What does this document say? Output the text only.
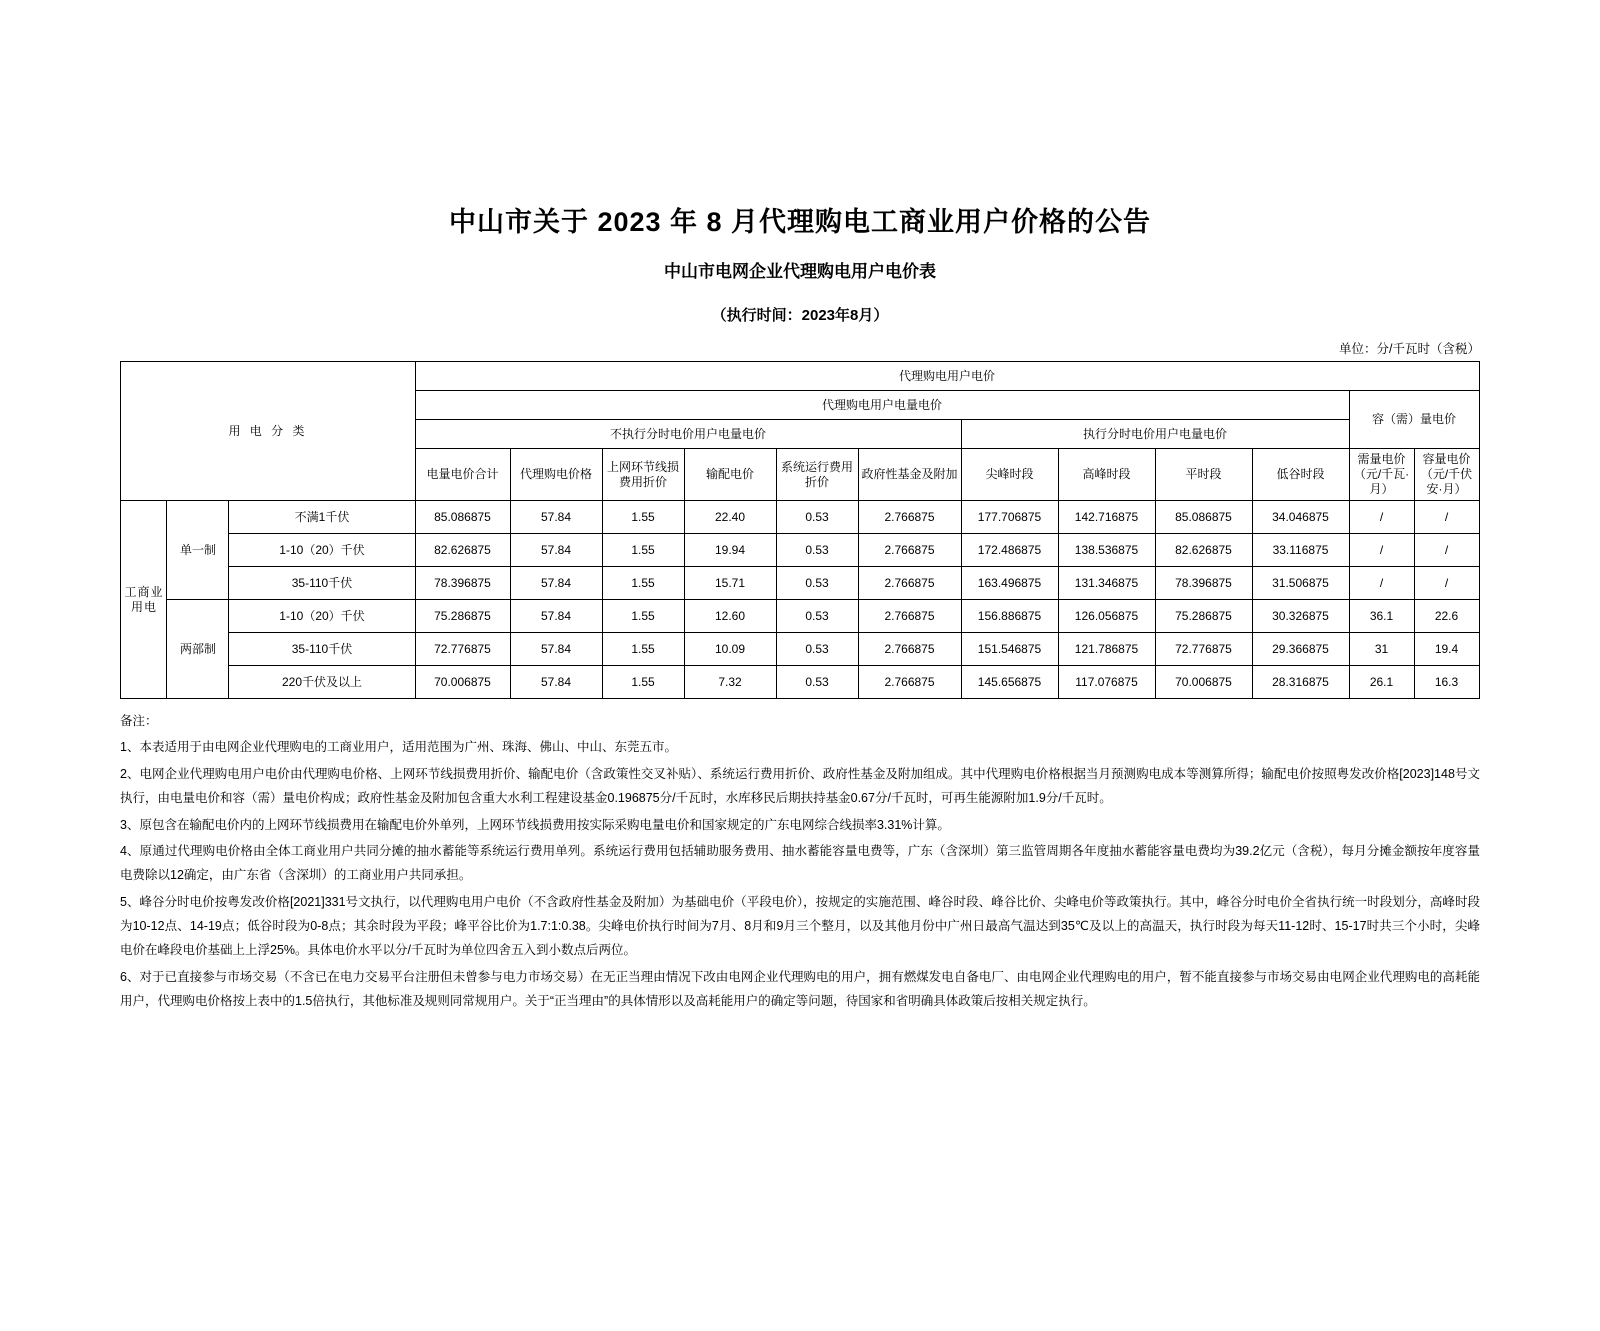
中山市关于 2023 年 8 月代理购电工商业用户价格的公告
中山市电网企业代理购电用户电价表
（执行时间：2023年8月）
单位：分/千瓦时（含税）
用 电 分 类			代理购电用户电价											
			代理购电用户电量电价										容（需）量电价	
			不执行分时电价用户电量电价						执行分时电价用户电量电价					
			电量电价合计	代理购电价格	上网环节线损费用折价	输配电价	系统运行费用折价	政府性基金及附加	尖峰时段	高峰时段	平时段	低谷时段	需量电价（元/千瓦·月）	容量电价（元/千伏安·月）
工商业用电	单一制	不满1千伏	85.086875	57.84	1.55	22.40	0.53	2.766875	177.706875	142.716875	85.086875	34.046875	/	/
		1-10（20）千伏	82.626875	57.84	1.55	19.94	0.53	2.766875	172.486875	138.536875	82.626875	33.116875	/	/
		35-110千伏	78.396875	57.84	1.55	15.71	0.53	2.766875	163.496875	131.346875	78.396875	31.506875	/	/
	两部制	1-10（20）千伏	75.286875	57.84	1.55	12.60	0.53	2.766875	156.886875	126.056875	75.286875	30.326875	36.1	22.6
		35-110千伏	72.776875	57.84	1.55	10.09	0.53	2.766875	151.546875	121.786875	72.776875	29.366875	31	19.4
		220千伏及以上	70.006875	57.84	1.55	7.32	0.53	2.766875	145.656875	117.076875	70.006875	28.316875	26.1	16.3

备注：

1、本表适用于由电网企业代理购电的工商业用户，适用范围为广州、珠海、佛山、中山、东莞五市。

2、电网企业代理购电用户电价由代理购电价格、上网环节线损费用折价、输配电价（含政策性交叉补贴）、系统运行费用折价、政府性基金及附加组成。其中代理购电价格根据当月预测购电成本等测算所得；输配电价按照粤发改价格[2023]148号文执行，由电量电价和容（需）量电价构成；政府性基金及附加包含重大水利工程建设基金0.196875分/千瓦时，水库移民后期扶持基金0.67分/千瓦时，可再生能源附加1.9分/千瓦时。

3、原包含在输配电价内的上网环节线损费用在输配电价外单列，上网环节线损费用按实际采购电量电价和国家规定的广东电网综合线损率3.31%计算。

4、原通过代理购电价格由全体工商业用户共同分摊的抽水蓄能等系统运行费用单列。系统运行费用包括辅助服务费用、抽水蓄能容量电费等，广东（含深圳）第三监管周期各年度抽水蓄能容量电费均为39.2亿元（含税），每月分摊金额按年度容量电费除以12确定，由广东省（含深圳）的工商业用户共同承担。

5、峰谷分时电价按粤发改价格[2021]331号文执行，以代理购电用户电价（不含政府性基金及附加）为基础电价（平段电价），按规定的实施范围、峰谷时段、峰谷比价、尖峰电价等政策执行。其中，峰谷分时电价全省执行统一时段划分，高峰时段为10-12点、14-19点；低谷时段为0-8点；其余时段为平段；峰平谷比价为1.7:1:0.38。尖峰电价执行时间为7月、8月和9月三个整月，以及其他月份中广州日最高气温达到35℃及以上的高温天，执行时段为每天11-12时、15-17时共三个小时，尖峰电价在峰段电价基础上上浮25%。具体电价水平以分/千瓦时为单位四舍五入到小数点后两位。

6、对于已直接参与市场交易（不含已在电力交易平台注册但未曾参与电力市场交易）在无正当理由情况下改由电网企业代理购电的用户，拥有燃煤发电自备电厂、由电网企业代理购电的用户，暂不能直接参与市场交易由电网企业代理购电的高耗能用户，代理购电价格按上表中的1.5倍执行，其他标准及规则同常规用户。关于“正当理由”的具体情形以及高耗能用户的确定等问题，待国家和省明确具体政策后按相关规定执行。
